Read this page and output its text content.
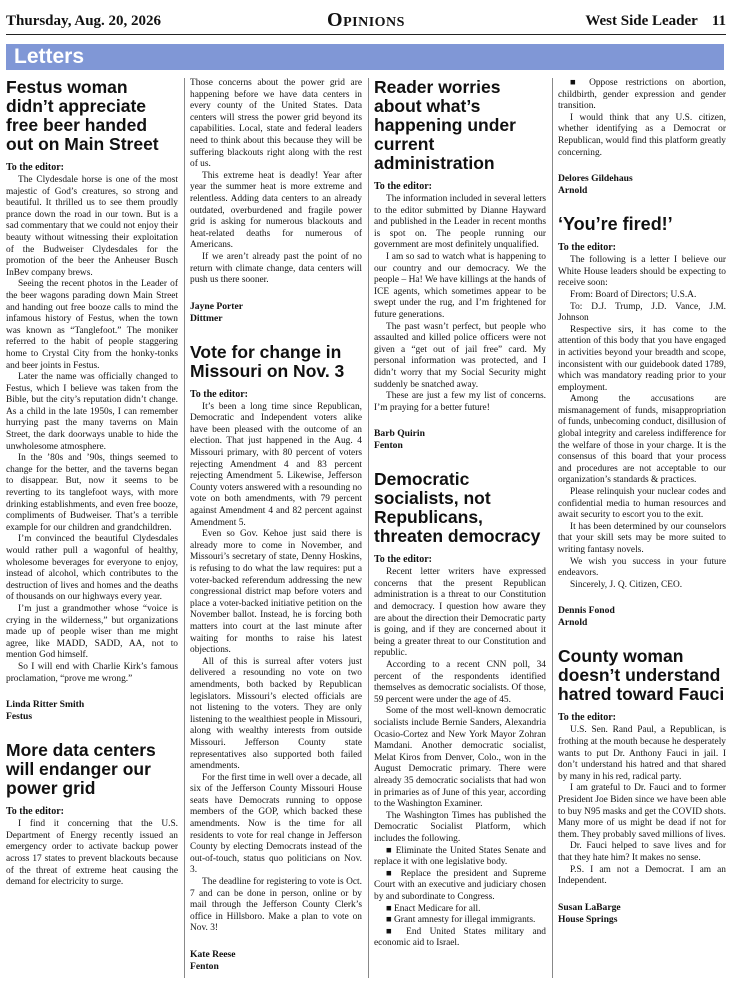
Thursday, Aug. 20, 2026	Opinions	West Side Leader 11
Letters
Festus woman didn’t appreciate free beer handed out on Main Street
To the editor:

The Clydesdale horse is one of the most majestic of God’s creatures, so strong and beautiful. It thrilled us to see them proudly prance down the road in our town. But is a sad commentary that we could not enjoy their beauty without witnessing their exploitation of the Budweiser Clydesdales for the promotion of the beer the Anheuser Busch InBev company brews.

Seeing the recent photos in the Leader of the beer wagons parading down Main Street and handing out free booze calls to mind the infamous history of Festus, when the town was known as “Tanglefoot.” The moniker referred to the habit of people staggering home to Crystal City from the honky-tonks and beer joints in Festus.

Later the name was officially changed to Festus, which I believe was taken from the Bible, but the city’s reputation didn’t change. As a child in the late 1950s, I can remember hurrying past the many taverns on Main Street, the dark doorways unable to hide the unwholesome atmosphere.

In the ’80s and ’90s, things seemed to change for the better, and the taverns began to disappear. But, now it seems to be reverting to its tanglefoot ways, with more drinking establishments, and even free booze, compliments of Budweiser. That’s a terrible example for our children and grandchildren.

I’m convinced the beautiful Clydesdales would rather pull a wagonful of healthy, wholesome beverages for everyone to enjoy, instead of alcohol, which contributes to the destruction of lives and homes and the deaths of thousands on our highways every year.

I’m just a grandmother whose “voice is crying in the wilderness,” but organizations made up of people wiser than me might agree, like MADD, SADD, AA, not to mention God himself.

So I will end with Charlie Kirk’s famous proclamation, “prove me wrong.”

Linda Ritter Smith
Festus
More data centers will endanger our power grid
To the editor:

I find it concerning that the U.S. Department of Energy recently issued an emergency order to activate backup power across 17 states to prevent blackouts because of the threat of extreme heat causing the demand for electricity to surge.

Those concerns about the power grid are happening before we have data centers in every county of the United States. Data centers will stress the power grid beyond its capabilities. Local, state and federal leaders need to think about this because they will be suffering blackouts right along with the rest of us.

This extreme heat is deadly! Year after year the summer heat is more extreme and relentless. Adding data centers to an already outdated, overburdened and fragile power grid is asking for numerous blackouts and heat-related deaths for numerous of Americans.

If we aren’t already past the point of no return with climate change, data centers will push us there sooner.

Jayne Porter
Dittmer
Vote for change in Missouri on Nov. 3
To the editor:

It’s been a long time since Republican, Democratic and Independent voters alike have been pleased with the outcome of an election. That just happened in the Aug. 4 Missouri primary, with 80 percent of voters rejecting Amendment 4 and 83 percent rejecting Amendment 5. Likewise, Jefferson County voters answered with a resounding no vote on both amendments, with 79 percent against Amendment 4 and 82 percent against Amendment 5.

Even so Gov. Kehoe just said there is already more to come in November, and Missouri’s secretary of state, Denny Hoskins, is refusing to do what the law requires: put a voter-backed referendum addressing the new congressional district map before voters and place a voter-backed initiative petition on the November ballot. Instead, he is forcing both matters into court at the last minute after waiting for months to raise his latest objections.

All of this is surreal after voters just delivered a resounding no vote on two amendments, both backed by Republican legislators. Missouri’s elected officials are not listening to the voters. They are only listening to the wealthiest people in Missouri, along with wealthy interests from outside Missouri. Jefferson County state representatives also supported both failed amendments.

For the first time in well over a decade, all six of the Jefferson County Missouri House seats have Democrats running to oppose members of the GOP, which backed these amendments. Now is the time for all residents to vote for real change in Jefferson County by electing Democrats instead of the out-of-touch, status quo politicians on Nov. 3.

The deadline for registering to vote is Oct. 7 and can be done in person, online or by mail through the Jefferson County Clerk’s office in Hillsboro. Make a plan to vote on Nov. 3!

Kate Reese
Fenton
Reader worries about what’s happening under current administration
To the editor:

The information included in several letters to the editor submitted by Dianne Hayward and published in the Leader in recent months is spot on. The people running our government are most definitely unqualified.

I am so sad to watch what is happening to our country and our democracy. We the people – Ha! We have killings at the hands of ICE agents, which sometimes appear to be swept under the rug, and I’m frightened for future generations.

The past wasn’t perfect, but people who assaulted and killed police officers were not given a “get out of jail free” card. My personal information was protected, and I didn’t worry that my Social Security might suddenly be snatched away.

These are just a few my list of concerns. I’m praying for a better future!

Barb Quirin
Fenton
Democratic socialists, not Republicans, threaten democracy
To the editor:

Recent letter writers have expressed concerns that the present Republican administration is a threat to our Constitution and democracy. I question how aware they are about the direction their Democratic party is going, and if they are concerned about it being a greater threat to our Constitution and republic.

According to a recent CNN poll, 34 percent of the respondents identified themselves as democratic socialists. Of those, 59 percent were under the age of 45.

Some of the most well-known democratic socialists include Bernie Sanders, Alexandria Ocasio-Cortez and New York Mayor Zohran Mamdani. Another democratic socialist, Melat Kiros from Denver, Colo., won in the August Democratic primary. There were already 35 democratic socialists that had won in primaries as of June of this year, according to the Washington Examiner.

The Washington Times has published the Democratic Socialist Platform, which includes the following.

■ Eliminate the United States Senate and replace it with one legislative body.

■ Replace the president and Supreme Court with an executive and judiciary chosen by and subordinate to Congress.

■ Enact Medicare for all.

■ Grant amnesty for illegal immigrants.

■ End United States military and economic aid to Israel.

■ Oppose restrictions on abortion, childbirth, gender expression and gender transition.

I would think that any U.S. citizen, whether identifying as a Democrat or Republican, would find this platform greatly concerning.

Delores Gildehaus
Arnold
‘You’re fired!’
To the editor:

The following is a letter I believe our White House leaders should be expecting to receive soon:

From: Board of Directors; U.S.A.

To: D.J. Trump, J.D. Vance, J.M. Johnson

Respective sirs, it has come to the attention of this body that you have engaged in activities beyond your breadth and scope, inconsistent with our guidebook dated 1789, which was mandatory reading prior to your employment.

Among the accusations are mismanagement of funds, misappropriation of funds, unbecoming conduct, disillusion of global integrity and careless indifference for the welfare of those in your charge. It is the consensus of this board that your process and procedures are not acceptable to our organization’s standards & practices.

Please relinquish your nuclear codes and confidential media to human resources and await security to escort you to the exit.

It has been determined by our counselors that your skill sets may be more suited to writing fantasy novels.

We wish you success in your future endeavors.

Sincerely, J. Q. Citizen, CEO.

Dennis Fonod
Arnold
County woman doesn’t understand hatred toward Fauci
To the editor:

U.S. Sen. Rand Paul, a Republican, is frothing at the mouth because he desperately wants to put Dr. Anthony Fauci in jail. I don’t understand his hatred and that shared by many in his red, radical party.

I am grateful to Dr. Fauci and to former President Joe Biden since we have been able to buy N95 masks and get the COVID shots. Many more of us might be dead if not for them. They probably saved millions of lives.

Dr. Fauci helped to save lives and for that they hate him? It makes no sense.

P.S. I am not a Democrat. I am an Independent.

Susan LaBarge
House Springs
